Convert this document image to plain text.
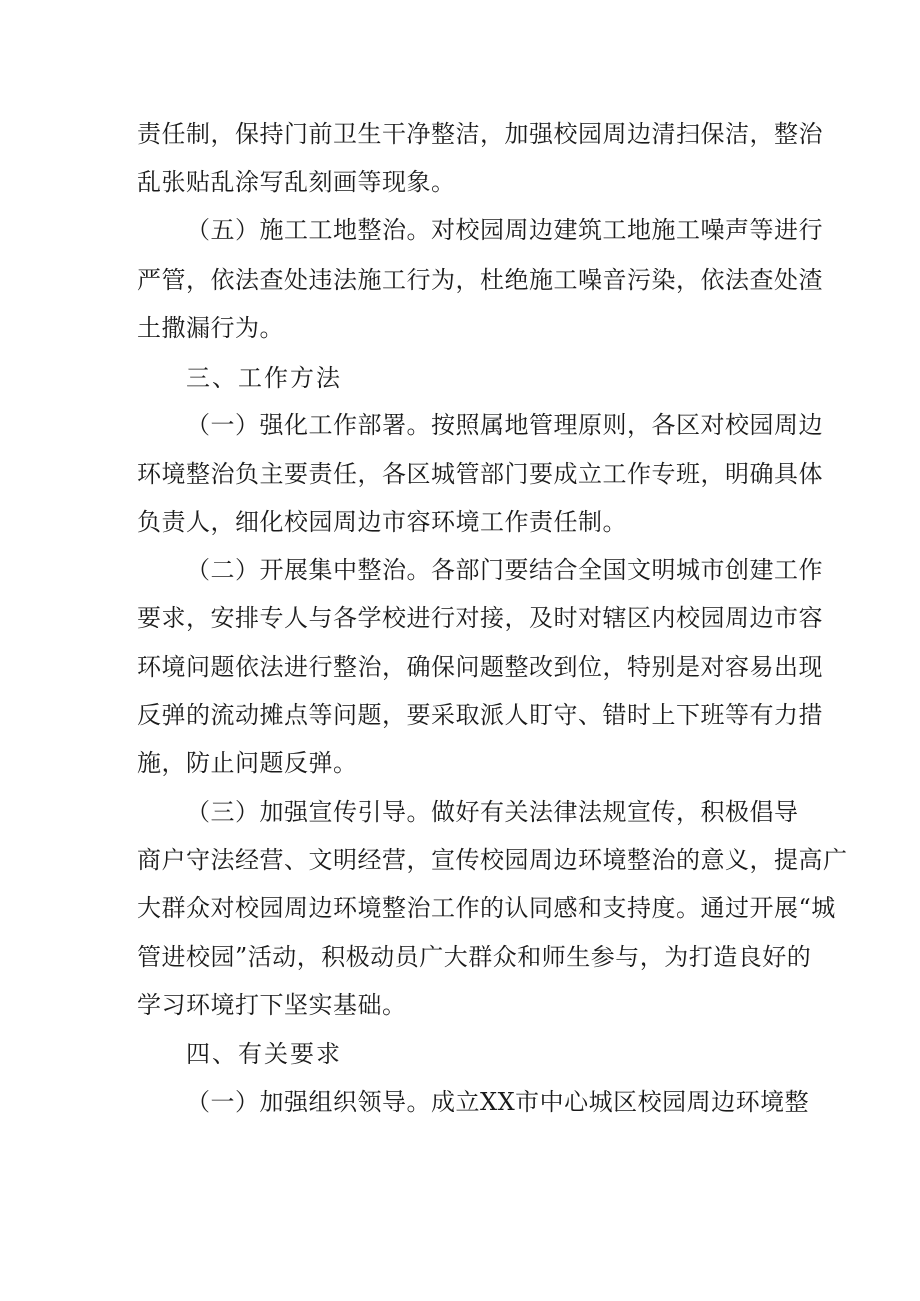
责任制，保持门前卫生干净整洁，加强校园周边清扫保洁，整治
乱张贴乱涂写乱刻画等现象。
（五）施工工地整治。对校园周边建筑工地施工噪声等进行
严管，依法查处违法施工行为，杜绝施工噪音污染，依法查处渣
土撒漏行为。
三、工作方法
（一）强化工作部署。按照属地管理原则，各区对校园周边
环境整治负主要责任，各区城管部门要成立工作专班，明确具体
负责人，细化校园周边市容环境工作责任制。
（二）开展集中整治。各部门要结合全国文明城市创建工作
要求，安排专人与各学校进行对接，及时对辖区内校园周边市容
环境问题依法进行整治，确保问题整改到位，特别是对容易出现
反弹的流动摊点等问题，要采取派人盯守、错时上下班等有力措
施，防止问题反弹。
（三）加强宣传引导。做好有关法律法规宣传，积极倡导
商户守法经营、文明经营，宣传校园周边环境整治的意义，提高广
大群众对校园周边环境整治工作的认同感和支持度。通过开展“城
管进校园”活动，积极动员广大群众和师生参与，为打造良好的
学习环境打下坚实基础。
四、有关要求
（一）加强组织领导。成立XX市中心城区校园周边环境整
